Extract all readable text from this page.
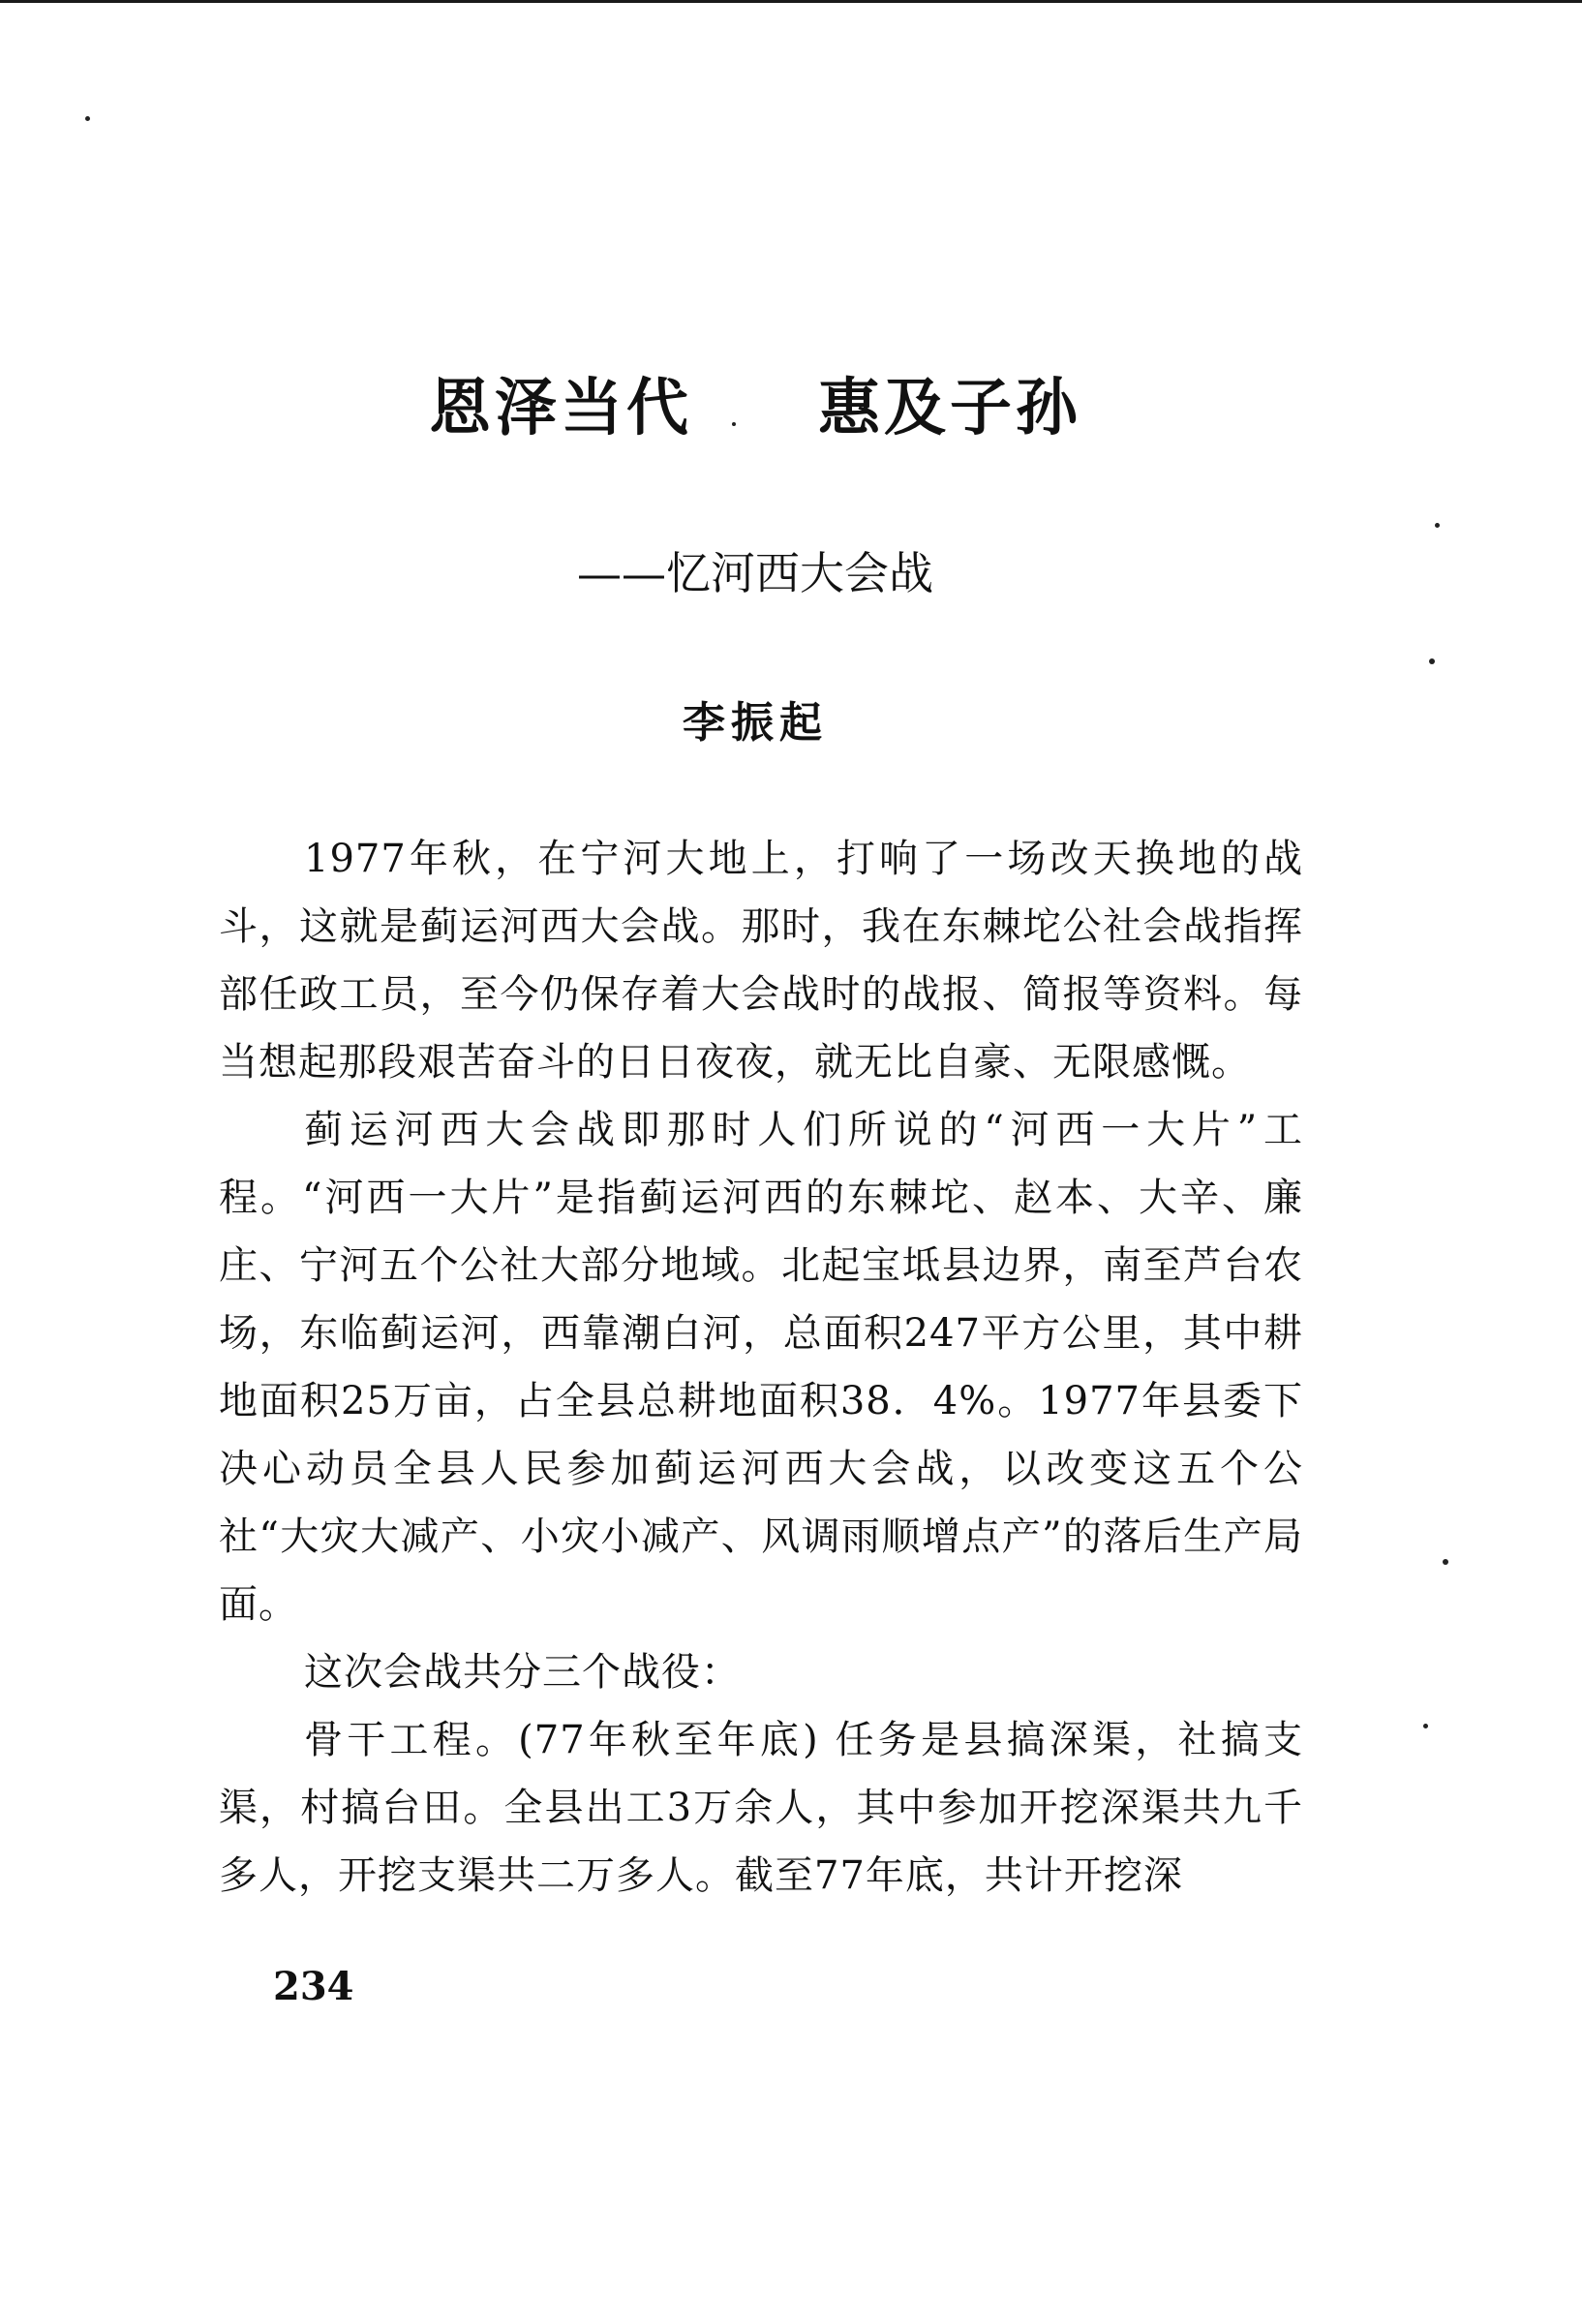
恩泽当代 惠及子孙
——忆河西大会战
李振起

1977年秋，在宁河大地上，打响了一场改天换地的战斗，这就是蓟运河西大会战。那时，我在东棘坨公社会战指挥部任政工员，至今仍保存着大会战时的战报、简报等资料。每当想起那段艰苦奋斗的日日夜夜，就无比自豪、无限感慨。

蓟运河西大会战即那时人们所说的“河西一大片”工程。“河西一大片”是指蓟运河西的东棘坨、赵本、大辛、廉庄、宁河五个公社大部分地域。北起宝坻县边界，南至芦台农场，东临蓟运河，西靠潮白河，总面积247平方公里，其中耕地面积25万亩，占全县总耕地面积38．4%。1977年县委下决心动员全县人民参加蓟运河西大会战，以改变这五个公社“大灾大减产、小灾小减产、风调雨顺增点产”的落后生产局面。

这次会战共分三个战役：

骨干工程。(77年秋至年底) 任务是县搞深渠，社搞支渠，村搞台田。全县出工3万余人，其中参加开挖深渠共九千多人，开挖支渠共二万多人。截至77年底，共计开挖深

234
